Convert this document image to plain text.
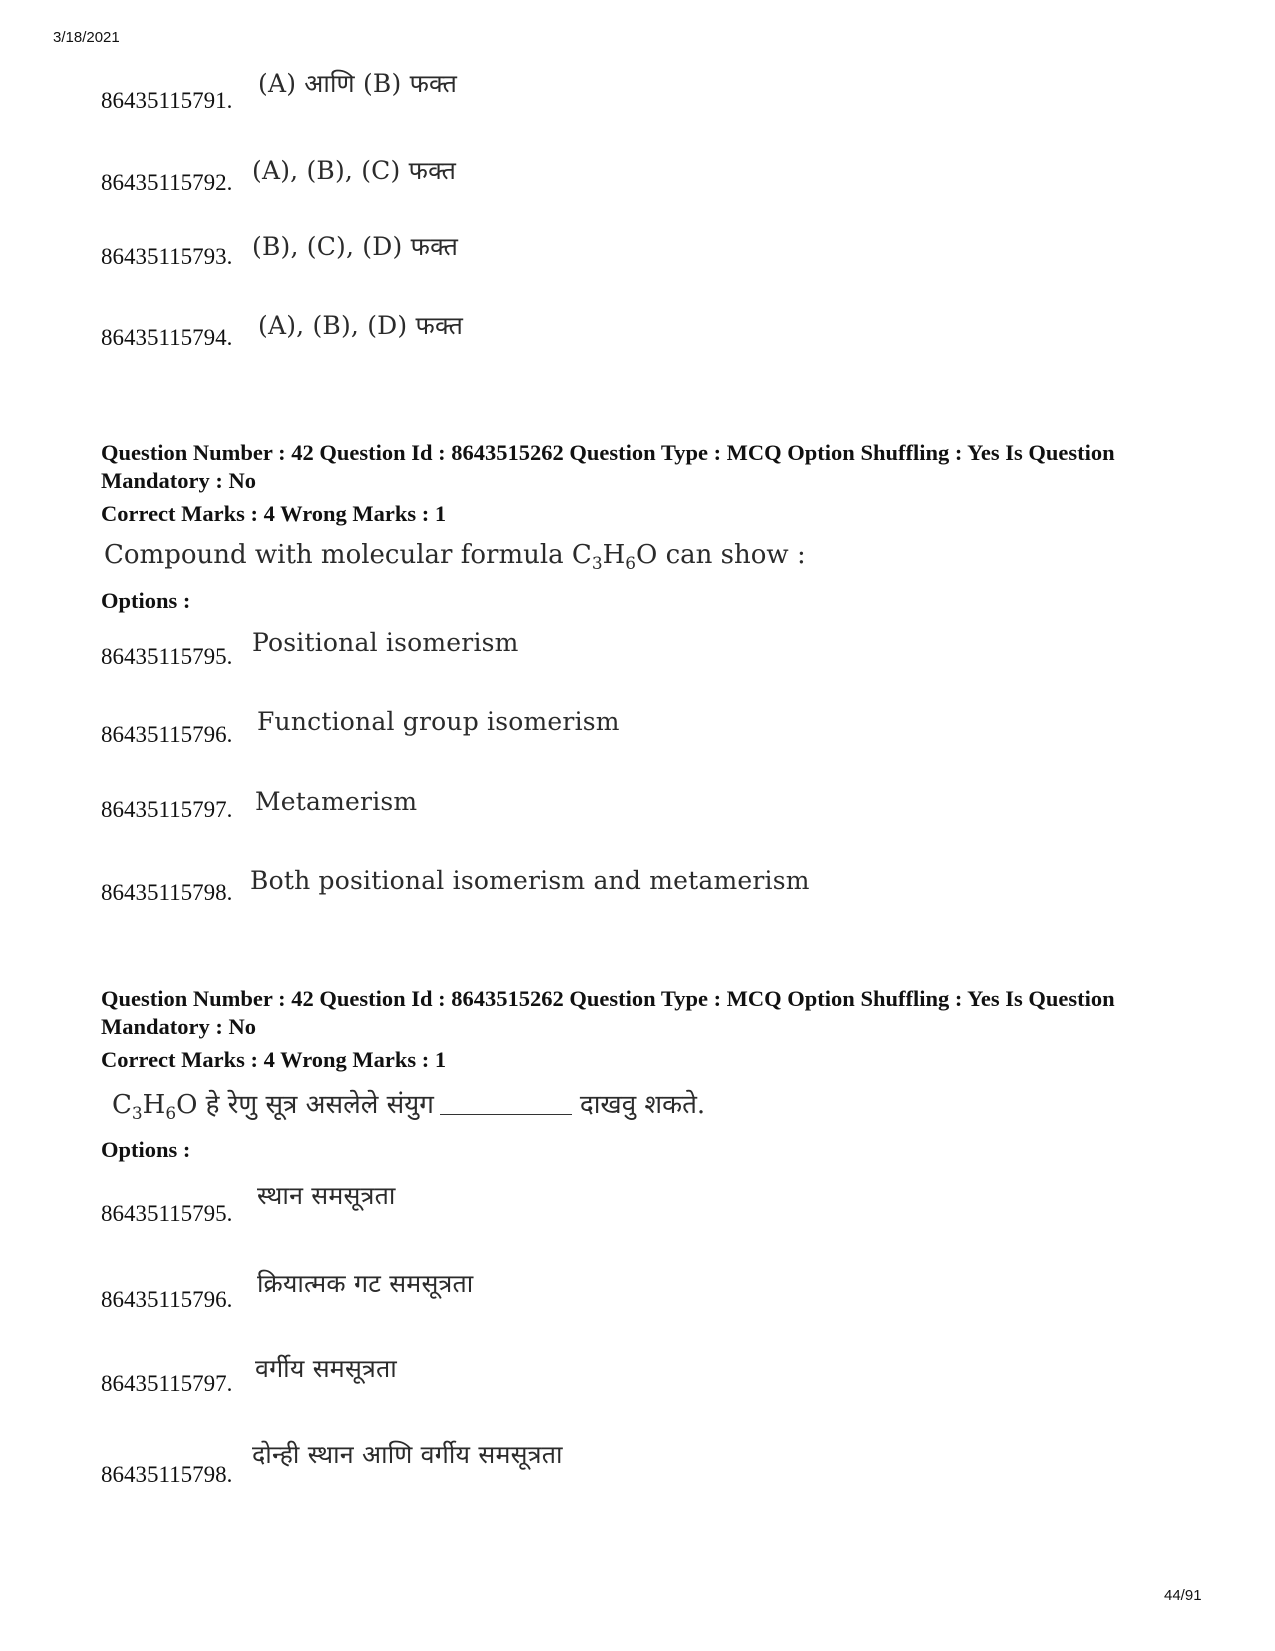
3/18/2021
86435115791.
(A) आणि (B) फक्त
86435115792. (A), (B), (C) फक्त
86435115793. (B), (C), (D) फक्त
86435115794. (A), (B), (D) फक्त
Question Number : 42 Question Id : 8643515262 Question Type : MCQ Option Shuffling : Yes Is Question Mandatory : No
Correct Marks : 4 Wrong Marks : 1
Compound with molecular formula $C_3H_6O$ can show :
Options :
86435115795. Positional isomerism
86435115796. Functional group isomerism
86435115797. Metamerism
86435115798. Both positional isomerism and metamerism
Question Number : 42 Question Id : 8643515262 Question Type : MCQ Option Shuffling : Yes Is Question Mandatory : No
Correct Marks : 4 Wrong Marks : 1
$C_3H_6O$ हे रेणु सूत्र असलेले संयुग	दाखवु शकते.
Options :
86435115795.
स्थान समसूत्रता
86435115796.
क्रियात्मक गट समसूत्रता
86435115797.
वर्गीय समसूत्रता
86435115798.
दोन्ही स्थान आणि वर्गीय समसूत्रता
44/91
